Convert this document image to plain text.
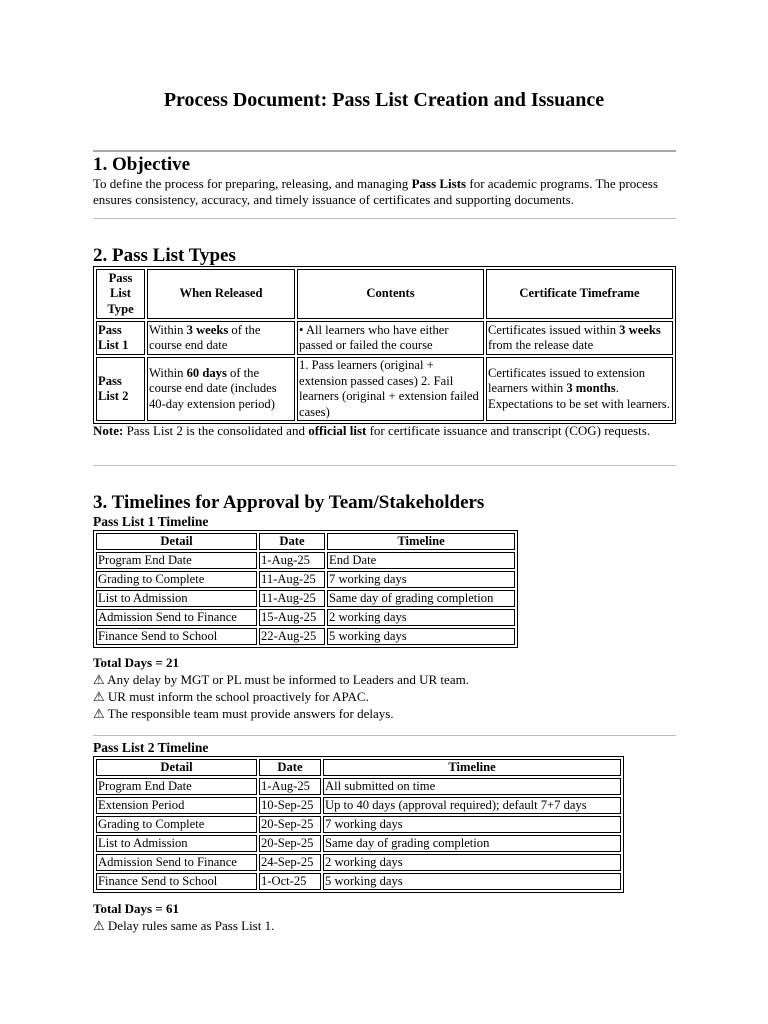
Process Document: Pass List Creation and Issuance
1. Objective

To define the process for preparing, releasing, and managing Pass Lists for academic programs. The process ensures consistency, accuracy, and timely issuance of certificates and supporting documents.

2. Pass List Types
Pass List Type	When Released	Contents	Certificate Timeframe
Pass List 1	Within 3 weeks of the course end date	• All learners who have either passed or failed the course	Certificates issued within 3 weeks from the release date
Pass List 2	Within 60 days of the course end date (includes 40-day extension period)	1. Pass learners (original + extension passed cases) 2. Fail learners (original + extension failed cases)	Certificates issued to extension learners within 3 months. Expectations to be set with learners.

Note: Pass List 2 is the consolidated and official list for certificate issuance and transcript (COG) requests.

3. Timelines for Approval by Team/Stakeholders
Pass List 1 Timeline
Detail	Date	Timeline
Program End Date	1-Aug-25	End Date
Grading to Complete	11-Aug-25	7 working days
List to Admission	11-Aug-25	Same day of grading completion
Admission Send to Finance	15-Aug-25	2 working days
Finance Send to School	22-Aug-25	5 working days

Total Days = 21

⚠ Any delay by MGT or PL must be informed to Leaders and UR team.

⚠ UR must inform the school proactively for APAC.

⚠ The responsible team must provide answers for delays.

Pass List 2 Timeline
Detail	Date	Timeline
Program End Date	1-Aug-25	All submitted on time
Extension Period	10-Sep-25	Up to 40 days (approval required); default 7+7 days
Grading to Complete	20-Sep-25	7 working days
List to Admission	20-Sep-25	Same day of grading completion
Admission Send to Finance	24-Sep-25	2 working days
Finance Send to School	1-Oct-25	5 working days

Total Days = 61

⚠ Delay rules same as Pass List 1.
